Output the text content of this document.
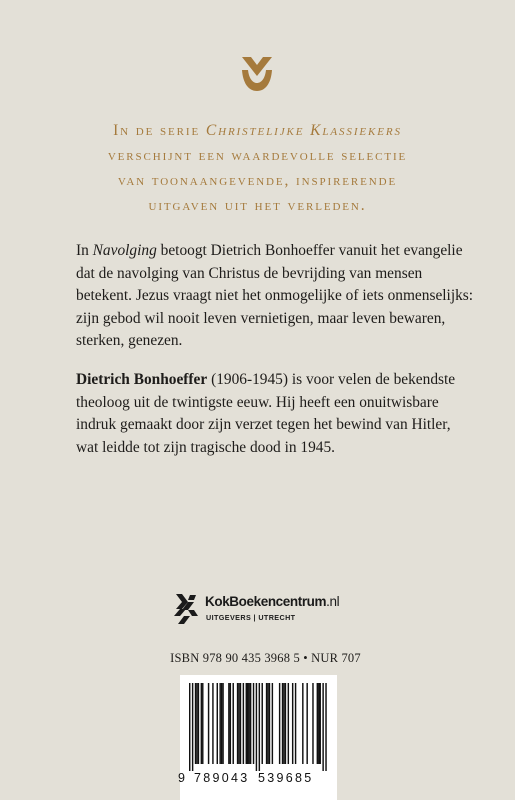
In de serie Christelijke Klassiekers
verschijnt een waardevolle selectie
van toonaangevende, inspirerende
uitgaven uit het verleden.
In Navolging betoogt Dietrich Bonhoeffer vanuit het evangelie
dat de navolging van Christus de bevrijding van mensen
betekent. Jezus vraagt niet het onmogelijke of iets onmenselijks:
zijn gebod wil nooit leven vernietigen, maar leven bewaren,
sterken, genezen.
Dietrich Bonhoeffer (1906-1945) is voor velen de bekendste
theoloog uit de twintigste eeuw. Hij heeft een onuitwisbare
indruk gemaakt door zijn verzet tegen het bewind van Hitler,
wat leidde tot zijn tragische dood in 1945.
KokBoekencentrum.nl
UITGEVERS | UTRECHT
ISBN 978 90 435 3968 5 • NUR 707
9 789043 539685
